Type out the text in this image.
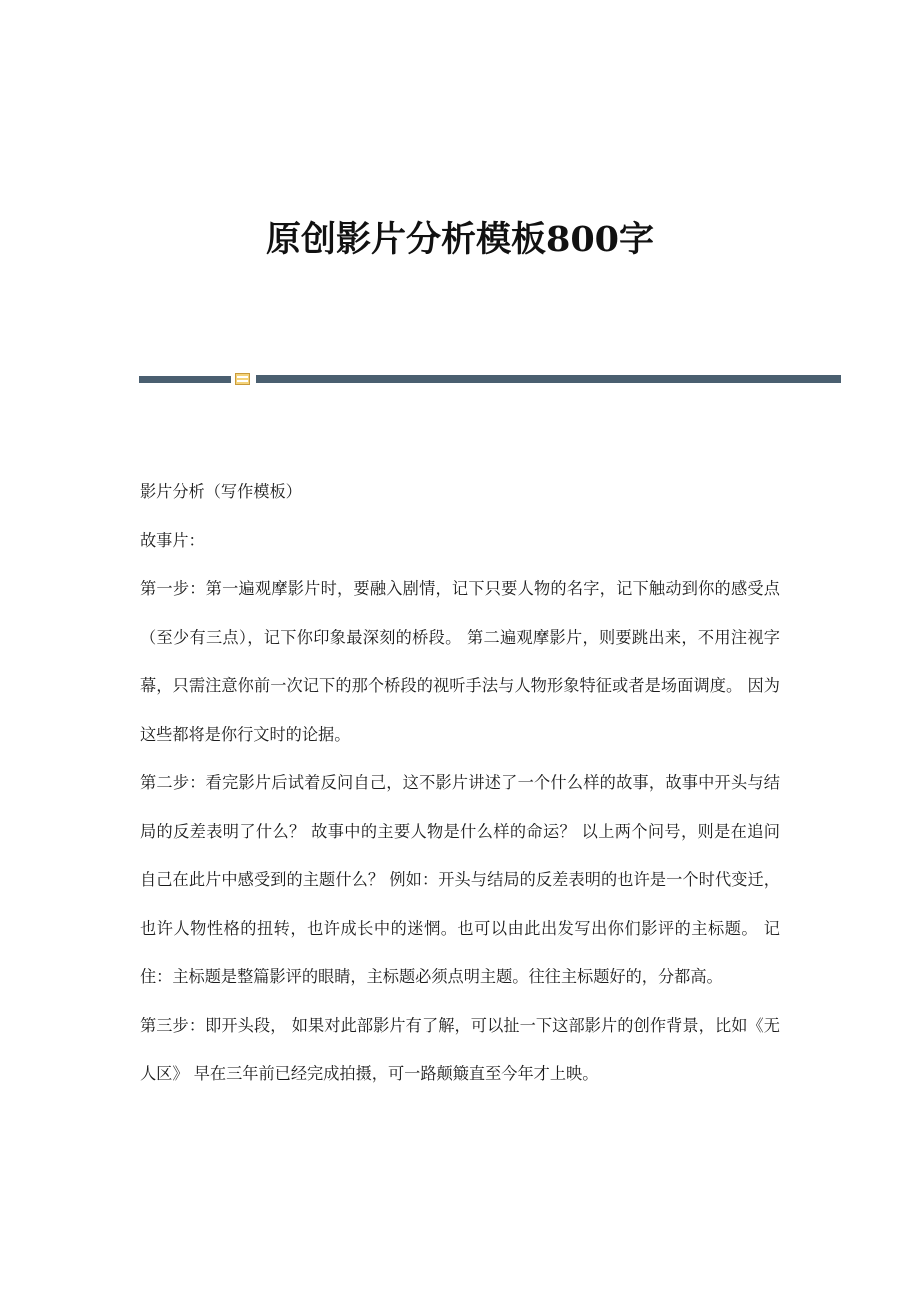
原创影片分析模板800字

影片分析（写作模板）

故事片：

第一步：第一遍观摩影片时，要融入剧情，记下只要人物的名字，记下触动到你的感受点（至少有三点），记下你印象最深刻的桥段。 第二遍观摩影片，则要跳出来，不用注视字幕，只需注意你前一次记下的那个桥段的视听手法与人物形象特征或者是场面调度。 因为这些都将是你行文时的论据。

第二步：看完影片后试着反问自己，这不影片讲述了一个什么样的故事，故事中开头与结局的反差表明了什么？ 故事中的主要人物是什么样的命运？ 以上两个问号，则是在追问自己在此片中感受到的主题什么？ 例如：开头与结局的反差表明的也许是一个时代变迁，也许人物性格的扭转，也许成长中的迷惘。也可以由此出发写出你们影评的主标题。 记住：主标题是整篇影评的眼睛，主标题必须点明主题。往往主标题好的，分都高。

第三步：即开头段， 如果对此部影片有了解，可以扯一下这部影片的创作背景，比如《无人区》 早在三年前已经完成拍摄，可一路颠簸直至今年才上映。
